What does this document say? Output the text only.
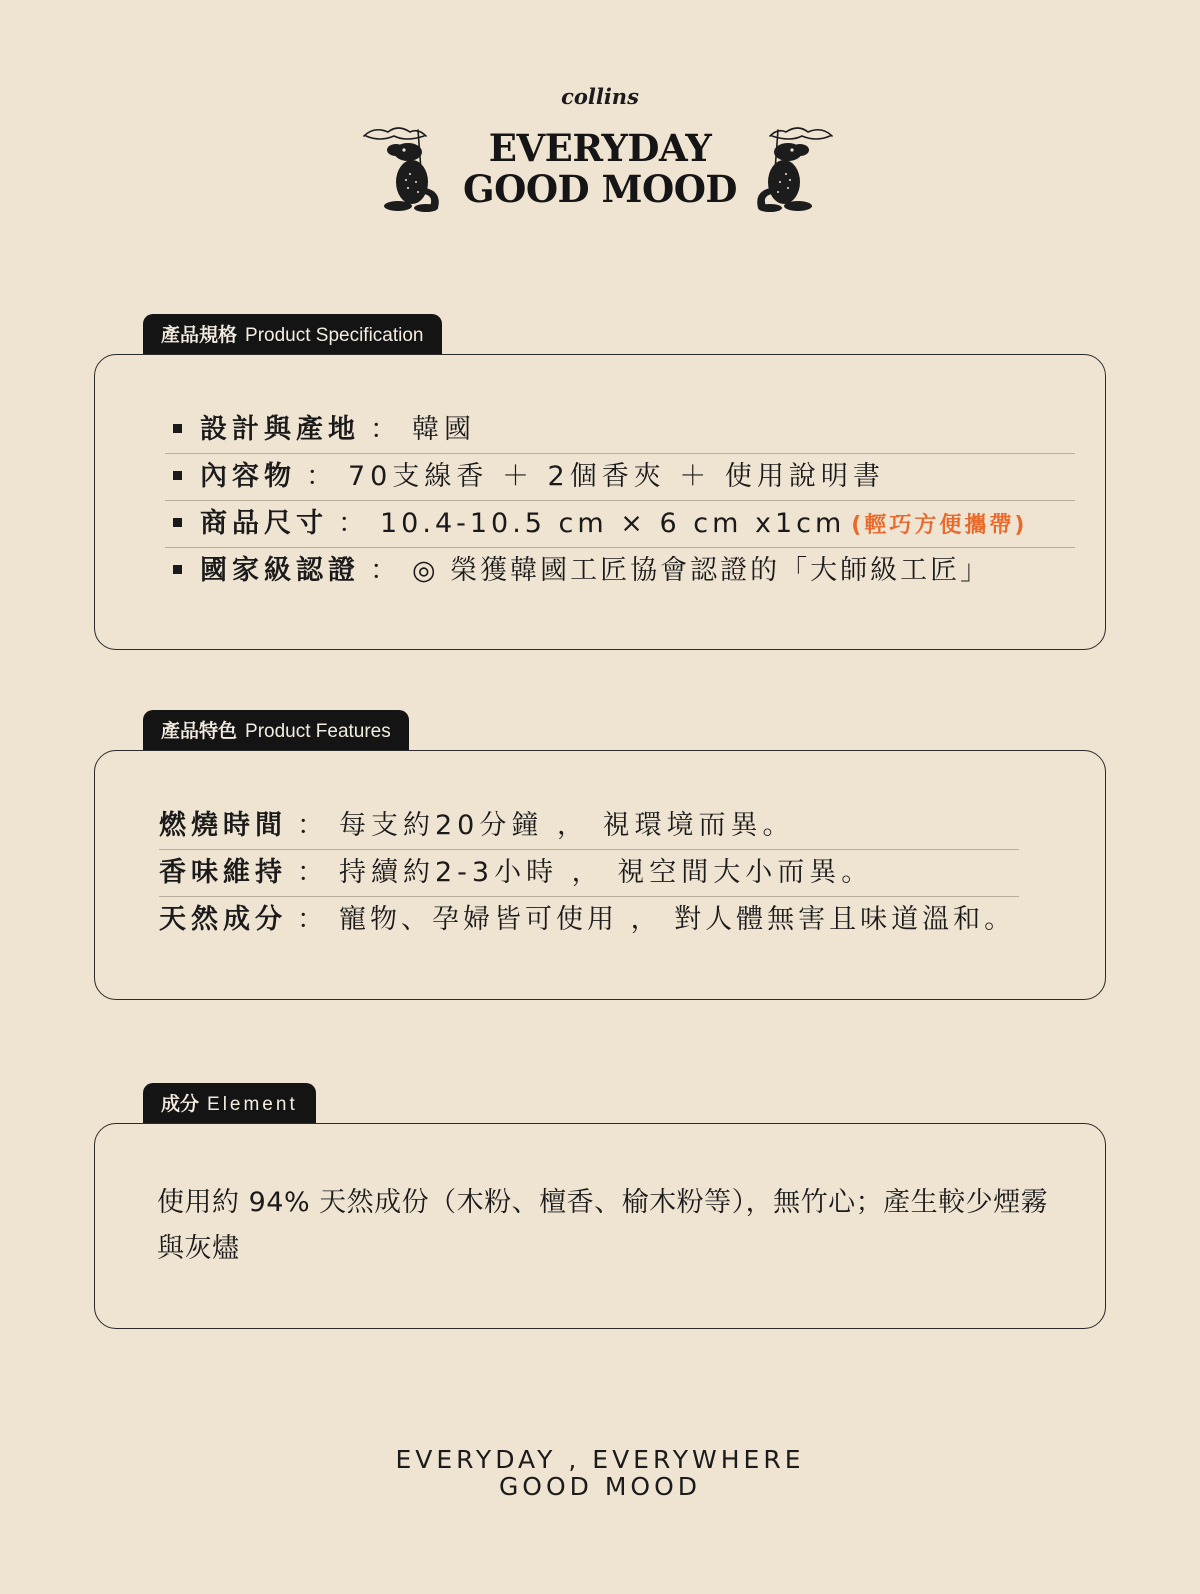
collins
EVERYDAY
GOOD MOOD
產品規格 Product Specification
設計與產地 ： 韓國
內容物 ： 70支線香 ＋ 2個香夾 ＋ 使用說明書
商品尺寸 ： 10.4-10.5 cm × 6 cm x1cm (輕巧方便攜帶)
國家級認證 ： ◎ 榮獲韓國工匠協會認證的「大師級工匠」
產品特色 Product Features
燃燒時間 ： 每支約20分鐘 ， 視環境而異。
香味維持 ： 持續約2-3小時 ， 視空間大小而異。
天然成分 ： 寵物、孕婦皆可使用 ， 對人體無害且味道溫和。
成分 Element
使用約 94% 天然成份（木粉、檀香、榆木粉等），無竹心；產生較少煙霧與灰燼
EVERYDAY , EVERYWHERE
GOOD MOOD
